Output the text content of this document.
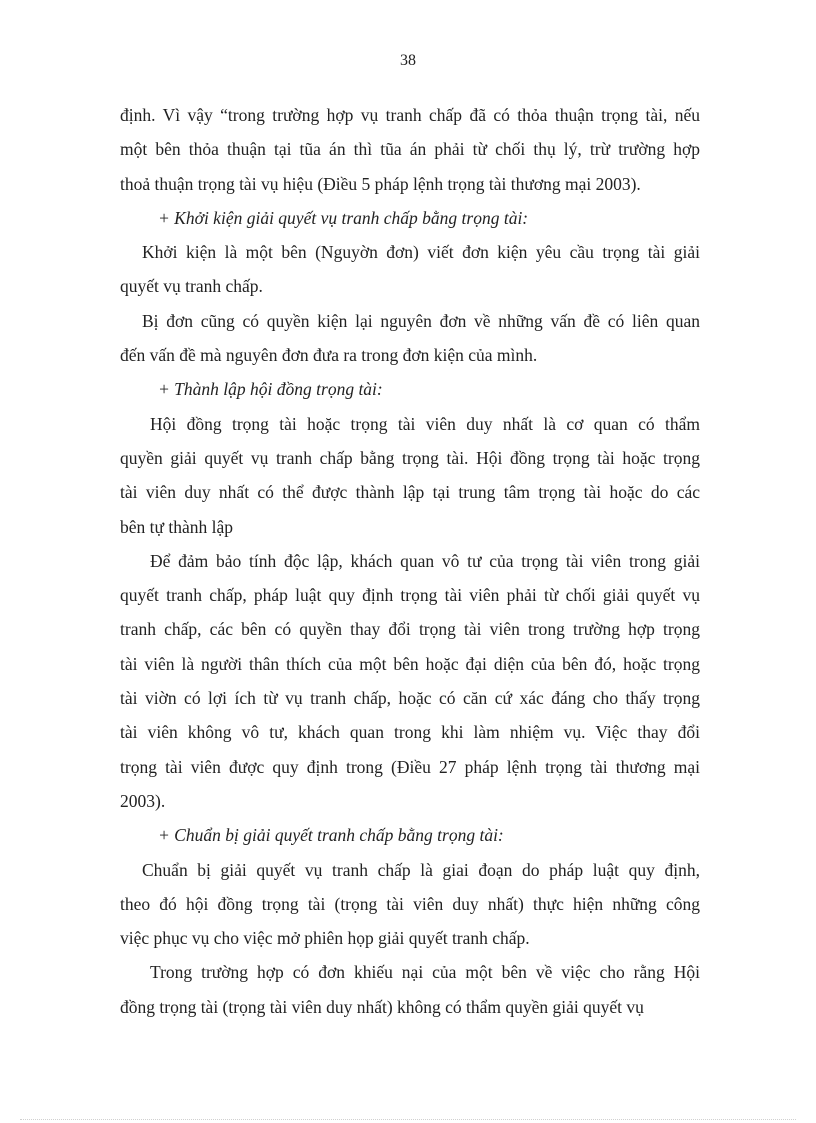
38
định. Vì vậy “trong trường hợp vụ tranh chấp đã có thỏa thuận trọng tài, nếu
một bên thỏa thuận tại tũa án thì tũa án phải từ chối thụ lý, trừ trường hợp
thoả thuận trọng tài vụ hiệu (Điều 5 pháp lệnh trọng tài thương mại 2003).
+ Khởi kiện giải quyết vụ tranh chấp bằng trọng tài:
Khởi kiện là một bên (Nguyờn đơn) viết đơn kiện yêu cầu trọng tài giải
quyết vụ tranh chấp.
Bị đơn cũng có quyền kiện lại nguyên đơn về những vấn đề có liên quan
đến vấn đề mà nguyên đơn đưa ra trong đơn kiện của mình.
+ Thành lập hội đồng trọng tài:
Hội đồng trọng tài hoặc trọng tài viên duy nhất là cơ quan có thẩm
quyền giải quyết vụ tranh chấp bằng trọng tài. Hội đồng trọng tài hoặc trọng
tài viên duy nhất có thể được thành lập tại trung tâm trọng tài hoặc do các
bên tự thành lập
Để đảm bảo tính độc lập, khách quan vô tư của trọng tài viên trong giải
quyết tranh chấp, pháp luật quy định trọng tài viên phải từ chối giải quyết vụ
tranh chấp, các bên có quyền thay đổi trọng tài viên trong trường hợp trọng
tài viên là người thân thích của một bên hoặc đại diện của bên đó, hoặc trọng
tài viờn có lợi ích từ vụ tranh chấp, hoặc có căn cứ xác đáng cho thấy trọng
tài viên không vô tư, khách quan trong khi làm nhiệm vụ. Việc thay đổi
trọng tài viên được quy định trong (Điều 27 pháp lệnh trọng tài thương mại
2003).
+ Chuẩn bị giải quyết tranh chấp bằng trọng tài:
Chuẩn bị giải quyết vụ tranh chấp là giai đoạn do pháp luật quy định,
theo đó hội đồng trọng tài (trọng tài viên duy nhất) thực hiện những công
việc phục vụ cho việc mở phiên họp giải quyết tranh chấp.
Trong trường hợp có đơn khiếu nại của một bên về việc cho rằng Hội
đồng trọng tài (trọng tài viên duy nhất) không có thẩm quyền giải quyết vụ
